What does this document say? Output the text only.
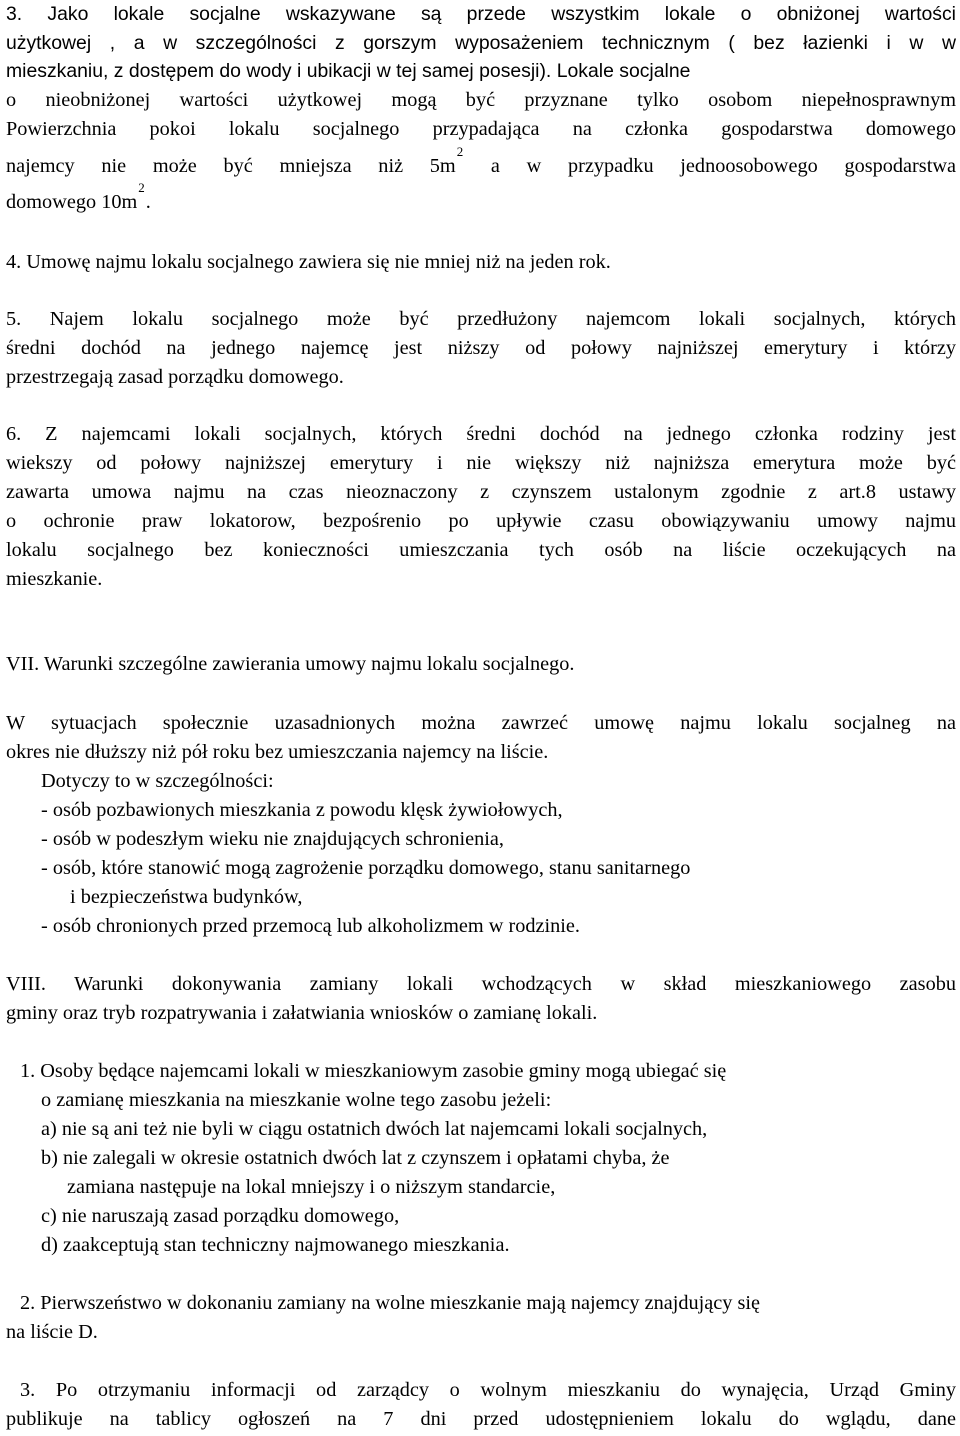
3. Jako lokale socjalne wskazywane są przede wszystkim lokale o obniżonej wartości
użytkowej , a w szczególności z gorszym wyposażeniem technicznym ( bez łazienki i w w
mieszkaniu, z dostępem do wody i ubikacji w tej samej posesji). Lokale socjalne
o nieobniżonej wartości użytkowej mogą być przyznane tylko osobom niepełnosprawnym
Powierzchnia pokoi lokalu socjalnego przypadająca na członka gospodarstwa domowego
najemcy nie może być mniejsza niż $5m^2$ a w przypadku jednoosobowego gospodarstwa
domowego $10m^2$.
4. Umowę najmu lokalu socjalnego zawiera się nie mniej niż na jeden rok.
5. Najem lokalu socjalnego może być przedłużony najemcom lokali socjalnych, których
średni dochód na jednego najemcę jest niższy od połowy najniższej emerytury i którzy
przestrzegają zasad porządku domowego.
6. Z najemcami lokali socjalnych, których średni dochód na jednego członka rodziny jest
wiekszy od połowy najniższej emerytury i nie większy niż najniższa emerytura może być
zawarta umowa najmu na czas nieoznaczony z czynszem ustalonym zgodnie z art.8 ustawy
o ochronie praw lokatorow, bezpośrenio po upływie czasu obowiązywaniu umowy najmu
lokalu socjalnego bez konieczności umieszczania tych osób na liście oczekujących na
mieszkanie.
VII. Warunki szczególne zawierania umowy najmu lokalu socjalnego.
W sytuacjach społecznie uzasadnionych można zawrzeć umowę najmu lokalu socjalneg na
okres nie dłuższy niż pół roku bez umieszczania najemcy na liście.
Dotyczy to w szczególności:
- osób pozbawionych mieszkania z powodu klęsk żywiołowych,
- osób w podeszłym wieku nie znajdujących schronienia,
- osób, które stanowić mogą zagrożenie porządku domowego, stanu sanitarnego
i bezpieczeństwa budynków,
- osób chronionych przed przemocą lub alkoholizmem w rodzinie.
VIII. Warunki dokonywania zamiany lokali wchodzących w skład mieszkaniowego zasobu
gminy oraz tryb rozpatrywania i załatwiania wniosków o zamianę lokali.
1. Osoby będące najemcami lokali w mieszkaniowym zasobie gminy mogą ubiegać się
o zamianę mieszkania na mieszkanie wolne tego zasobu jeżeli:
a) nie są ani też nie byli w ciągu ostatnich dwóch lat najemcami lokali socjalnych,
b) nie zalegali w okresie ostatnich dwóch lat z czynszem i opłatami chyba, że
zamiana następuje na lokal mniejszy i o niższym standarcie,
c) nie naruszają zasad porządku domowego,
d) zaakceptują stan techniczny najmowanego mieszkania.
2. Pierwszeństwo w dokonaniu zamiany na wolne mieszkanie mają najemcy znajdujący się
na liście D.
3. Po otrzymaniu informacji od zarządcy o wolnym mieszkaniu do wynajęcia, Urząd Gminy
publikuje na tablicy ogłoszeń na 7 dni przed udostępnieniem lokalu do wglądu, dane
